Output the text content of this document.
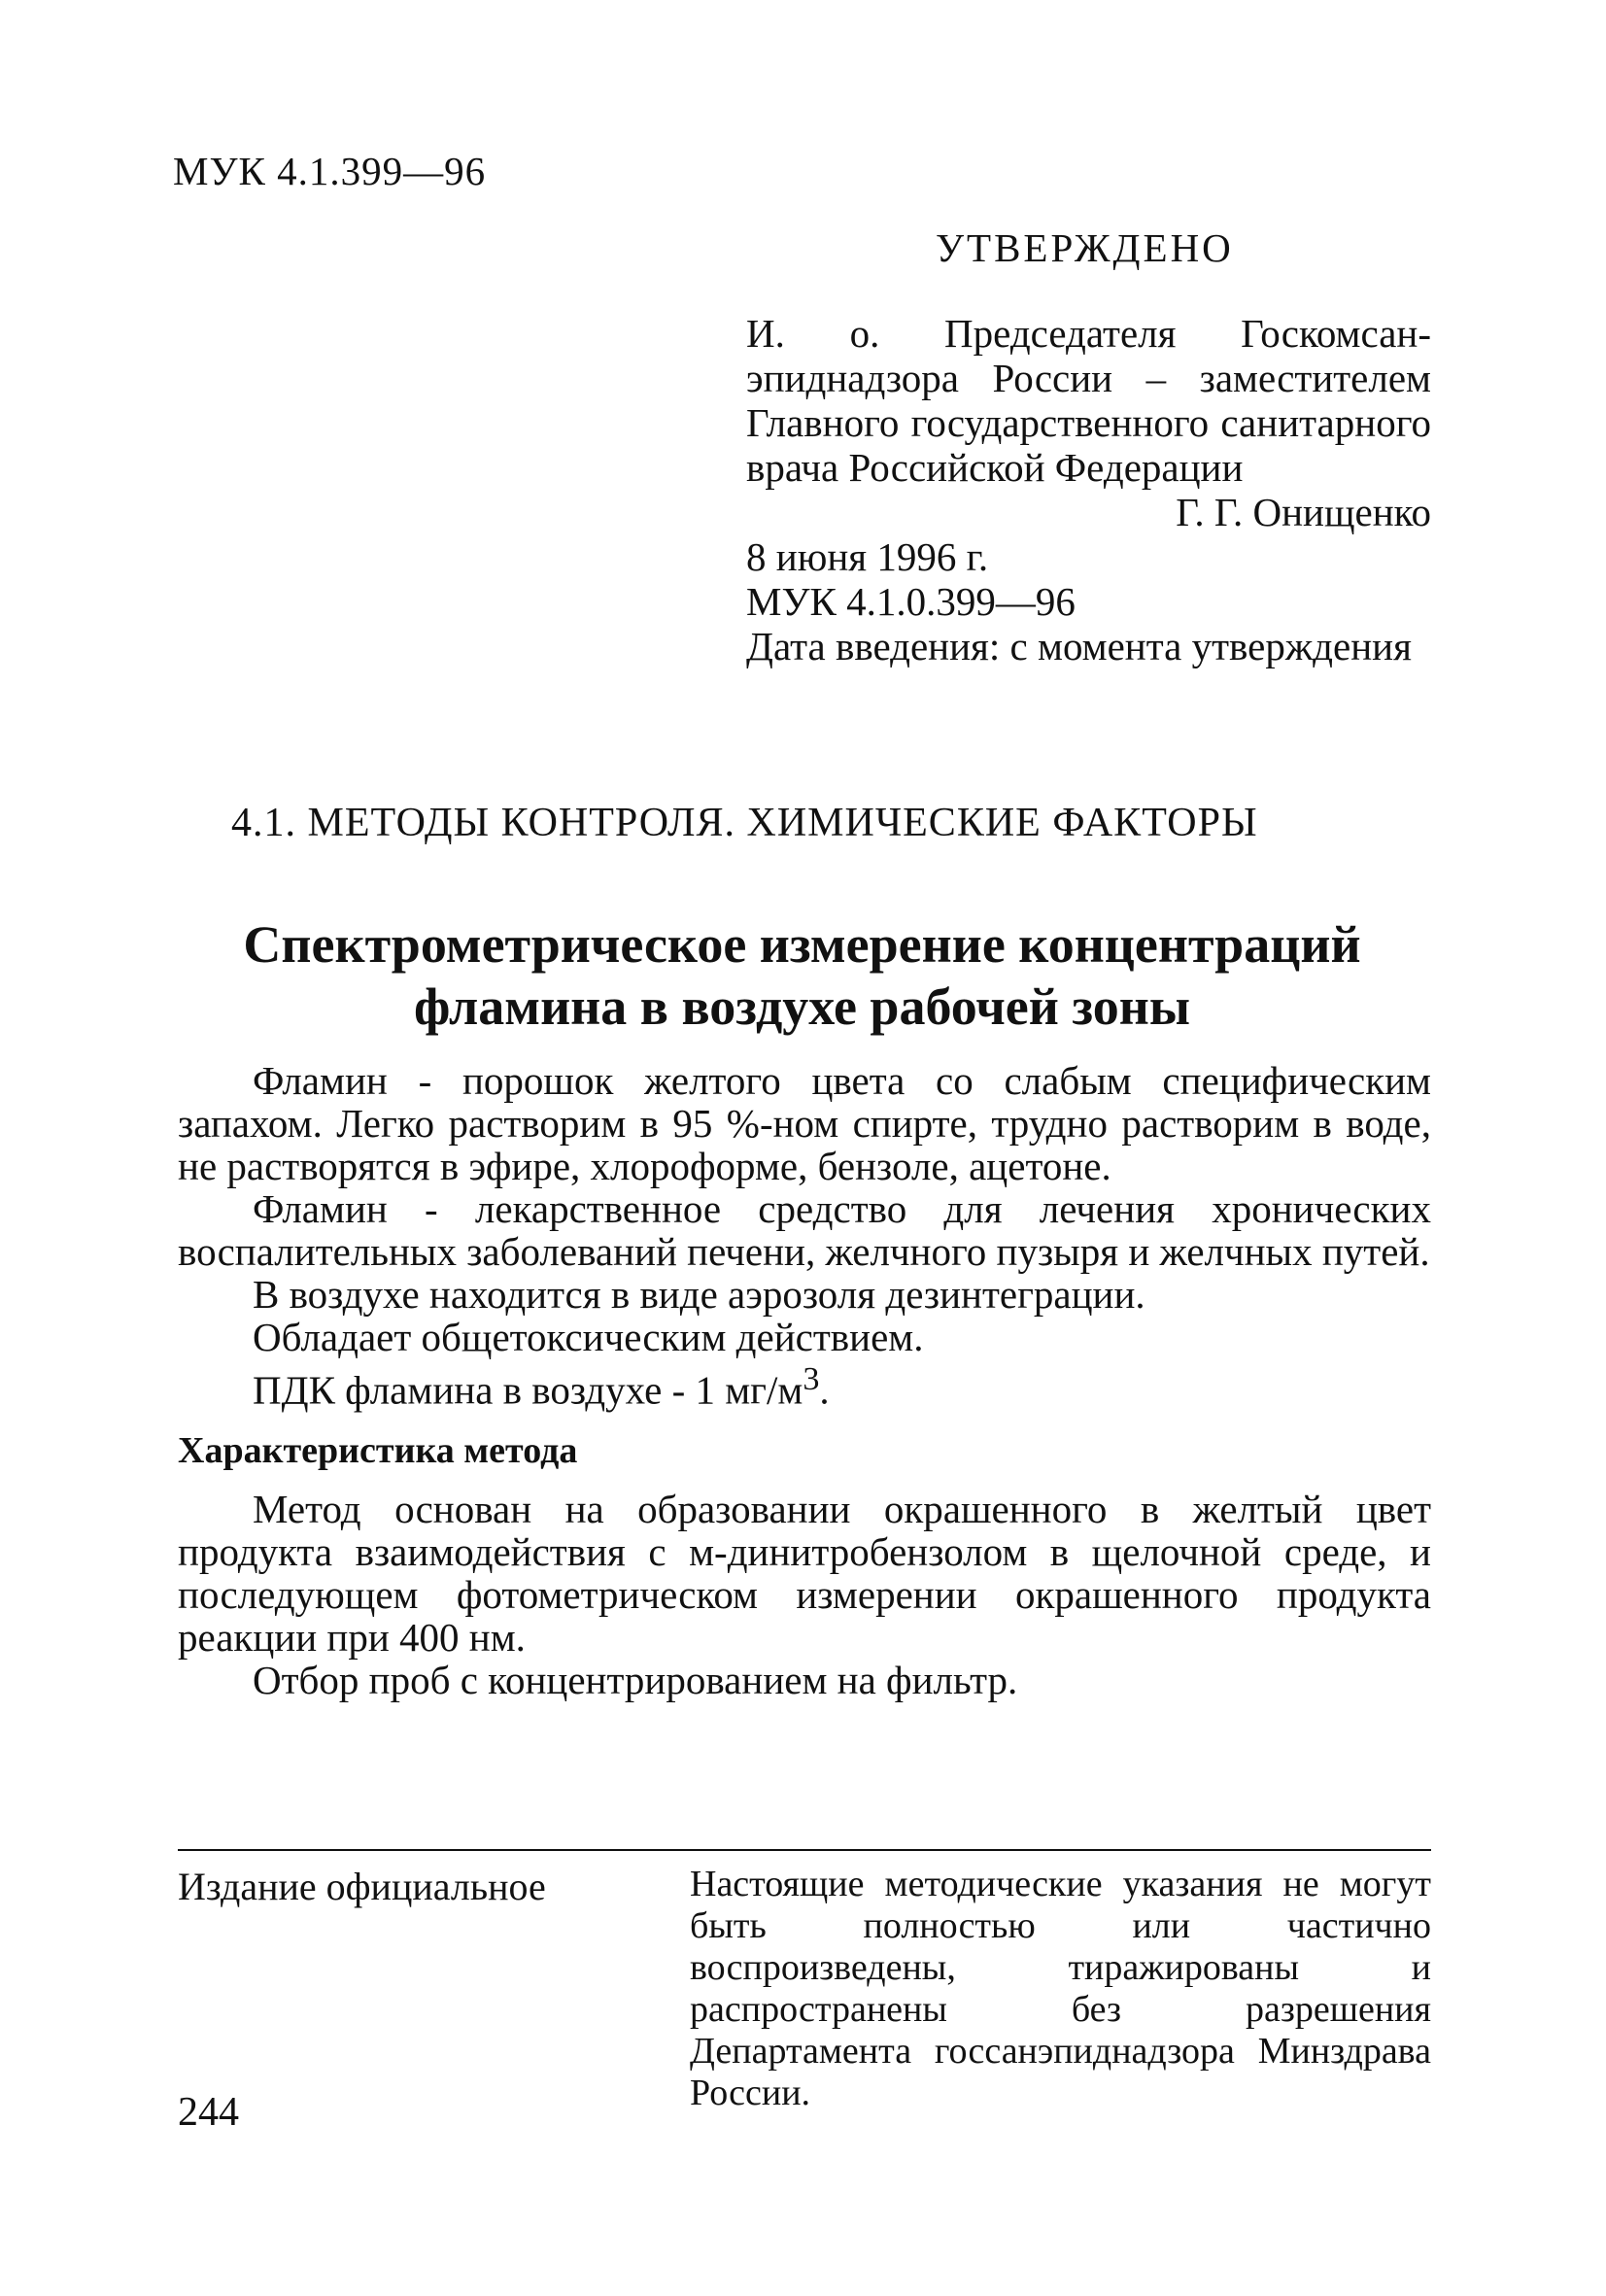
МУК 4.1.399—96
УТВЕРЖДЕНО
И. о. Председателя Госкомсан-эпиднадзора России – заместителем Главного государственного санитарного врача Российской Федерации
Г. Г. Онищенко
8 июня 1996 г.
МУК 4.1.0.399—96
Дата введения: с момента утверждения
4.1. МЕТОДЫ КОНТРОЛЯ. ХИМИЧЕСКИЕ ФАКТОРЫ
Спектрометрическое измерение концентраций
фламина в воздухе рабочей зоны

Фламин - порошок желтого цвета со слабым специфическим запахом. Легко растворим в 95 %-ном спирте, трудно растворим в воде, не растворятся в эфире, хлороформе, бензоле, ацетоне.

Фламин - лекарственное средство для лечения хронических воспалительных заболеваний печени, желчного пузыря и желчных путей.

В воздухе находится в виде аэрозоля дезинтеграции.

Обладает общетоксическим действием.

ПДК фламина в воздухе - 1 $мг/м^3$.

Характеристика метода

Метод основан на образовании окрашенного в желтый цвет продукта взаимодействия с м-динитробензолом в щелочной среде, и последующем фотометрическом измерении окрашенного продукта реакции при 400 нм.

Отбор проб с концентрированием на фильтр.

Издание официальное	Настоящие методические указания не могут быть полностью или частично воспроизведены, тиражированы и распространены без разрешения Департамента госсанэпиднадзора Минздрава России.
244
